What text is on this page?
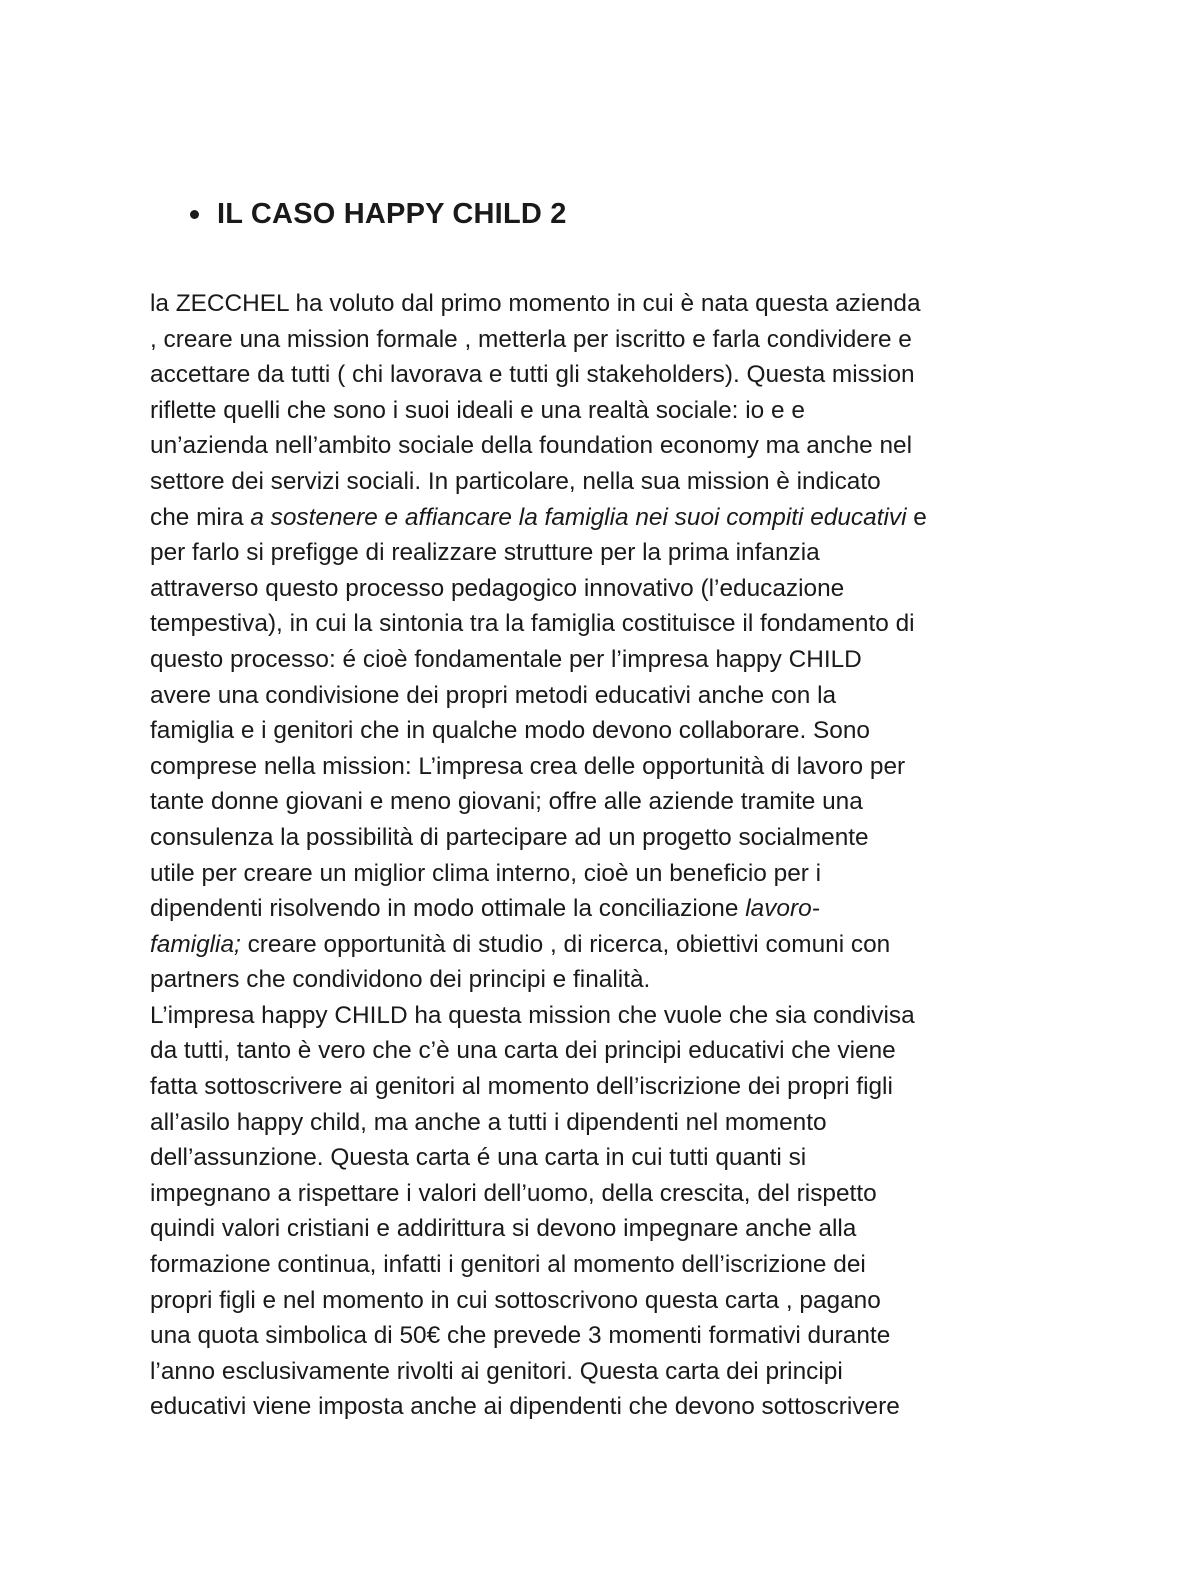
IL CASO HAPPY CHILD 2
la ZECCHEL ha voluto dal primo momento in cui è nata questa azienda
, creare una mission formale , metterla per iscritto e farla condividere e
accettare da tutti ( chi lavorava e tutti gli stakeholders). Questa mission
riflette quelli che sono i suoi ideali e una realtà sociale: io e e
un’azienda nell’ambito sociale della foundation economy ma anche nel
settore dei servizi sociali. In particolare, nella sua mission è indicato
che mira a sostenere e affiancare la famiglia nei suoi compiti educativi e
per farlo si prefigge di realizzare strutture per la prima infanzia
attraverso questo processo pedagogico innovativo (l’educazione
tempestiva), in cui la sintonia tra la famiglia costituisce il fondamento di
questo processo: é cioè fondamentale per l’impresa happy CHILD
avere una condivisione dei propri metodi educativi anche con la
famiglia e i genitori che in qualche modo devono collaborare. Sono
comprese nella mission: L’impresa crea delle opportunità di lavoro per
tante donne giovani e meno giovani; offre alle aziende tramite una
consulenza la possibilità di partecipare ad un progetto socialmente
utile per creare un miglior clima interno, cioè un beneficio per i
dipendenti risolvendo in modo ottimale la conciliazione lavoro-
famiglia; creare opportunità di studio , di ricerca, obiettivi comuni con
partners che condividono dei principi e finalità.
L’impresa happy CHILD ha questa mission che vuole che sia condivisa
da tutti, tanto è vero che c’è una carta dei principi educativi che viene
fatta sottoscrivere ai genitori al momento dell’iscrizione dei propri figli
all’asilo happy child, ma anche a tutti i dipendenti nel momento
dell’assunzione. Questa carta é una carta in cui tutti quanti si
impegnano a rispettare i valori dell’uomo, della crescita, del rispetto
quindi valori cristiani e addirittura si devono impegnare anche alla
formazione continua, infatti i genitori al momento dell’iscrizione dei
propri figli e nel momento in cui sottoscrivono questa carta , pagano
una quota simbolica di 50€ che prevede 3 momenti formativi durante
l’anno esclusivamente rivolti ai genitori. Questa carta dei principi
educativi viene imposta anche ai dipendenti che devono sottoscrivere
